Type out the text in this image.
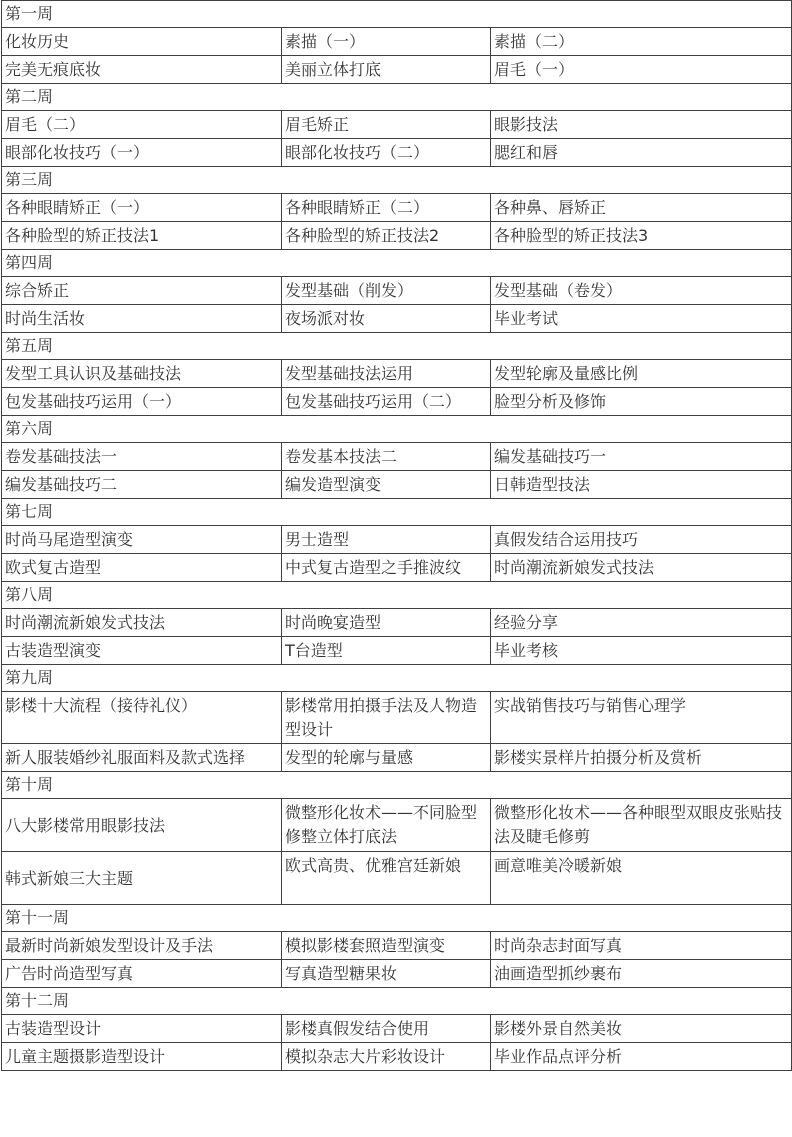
第一周		
化妆历史	素描（一）	素描（二）
完美无痕底妆	美丽立体打底	眉毛（一）
第二周		
眉毛（二）	眉毛矫正	眼影技法
眼部化妆技巧（一）	眼部化妆技巧（二）	腮红和唇
第三周		
各种眼睛矫正（一）	各种眼睛矫正（二）	各种鼻、唇矫正
各种脸型的矫正技法1	各种脸型的矫正技法2	各种脸型的矫正技法3
第四周		
综合矫正	发型基础（削发）	发型基础（卷发）
时尚生活妆	夜场派对妆	毕业考试
第五周		
发型工具认识及基础技法	发型基础技法运用	发型轮廓及量感比例
包发基础技巧运用（一）	包发基础技巧运用（二）	脸型分析及修饰
第六周		
卷发基础技法一	卷发基本技法二	编发基础技巧一
编发基础技巧二	编发造型演变	日韩造型技法
第七周		
时尚马尾造型演变	男士造型	真假发结合运用技巧
欧式复古造型	中式复古造型之手推波纹	时尚潮流新娘发式技法
第八周		
时尚潮流新娘发式技法	时尚晚宴造型	经验分享
古装造型演变	T台造型	毕业考核
第九周		
影楼十大流程（接待礼仪）	影楼常用拍摄手法及人物造型设计	实战销售技巧与销售心理学
新人服装婚纱礼服面料及款式选择	发型的轮廓与量感	影楼实景样片拍摄分析及赏析
第十周		
八大影楼常用眼影技法	微整形化妆术——不同脸型修整立体打底法	微整形化妆术——各种眼型双眼皮张贴技法及睫毛修剪
韩式新娘三大主题	欧式高贵、优雅宫廷新娘	画意唯美冷暖新娘
第十一周		
最新时尚新娘发型设计及手法	模拟影楼套照造型演变	时尚杂志封面写真
广告时尚造型写真	写真造型糖果妆	油画造型抓纱裹布
第十二周		
古装造型设计	影楼真假发结合使用	影楼外景自然美妆
儿童主题摄影造型设计	模拟杂志大片彩妆设计	毕业作品点评分析
